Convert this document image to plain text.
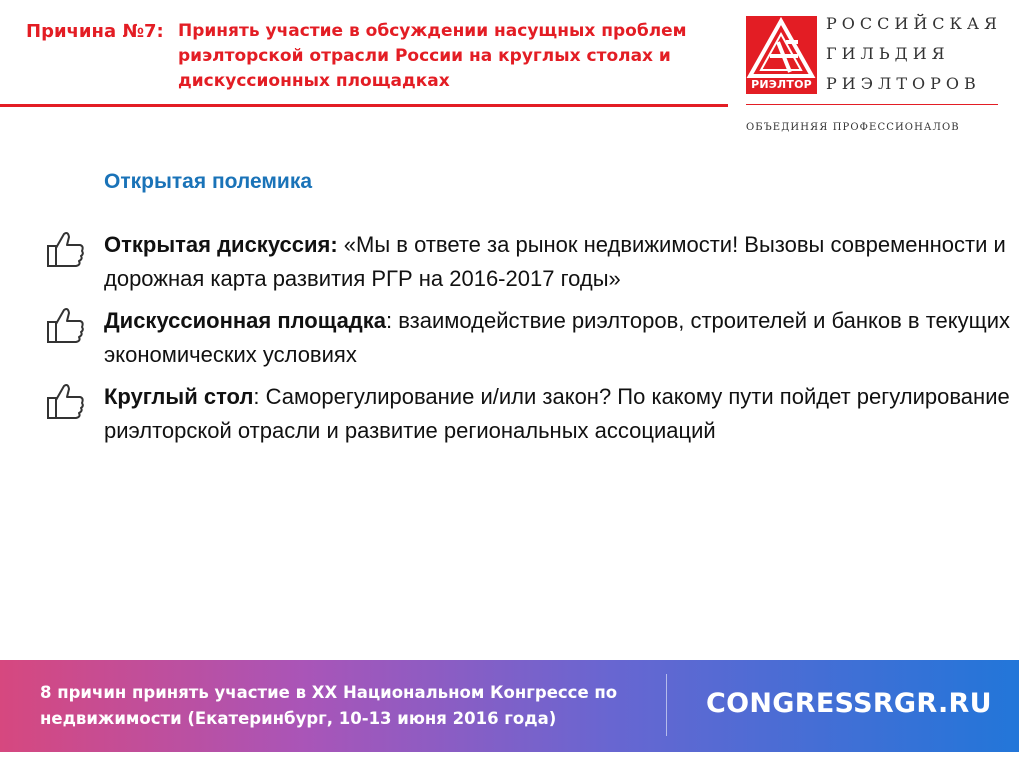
Причина №7: Принять участие в обсуждении насущных проблем риэлторской отрасли России на круглых столах и дискуссионных площадках	РИЭЛТОР
РОССИЙСКАЯ
ГИЛЬДИЯ
РИЭЛТОРОВ
ОБЪЕДИНЯЯ ПРОФЕССИОНАЛОВ
Открытая полемика
Открытая дискуссия: «Мы в ответе за рынок недвижимости! Вызовы современности и дорожная карта развития РГР на 2016-2017 годы»
Дискуссионная площадка: взаимодействие риэлторов, строителей и банков в текущих экономических условиях
Круглый стол: Саморегулирование и/или закон? По какому пути пойдет регулирование риэлторской отрасли и развитие региональных ассоциаций
8 причин принять участие в XX Национальном Конгрессе по недвижимости (Екатеринбург, 10-13 июня 2016 года)	CONGRESSRGR.RU
